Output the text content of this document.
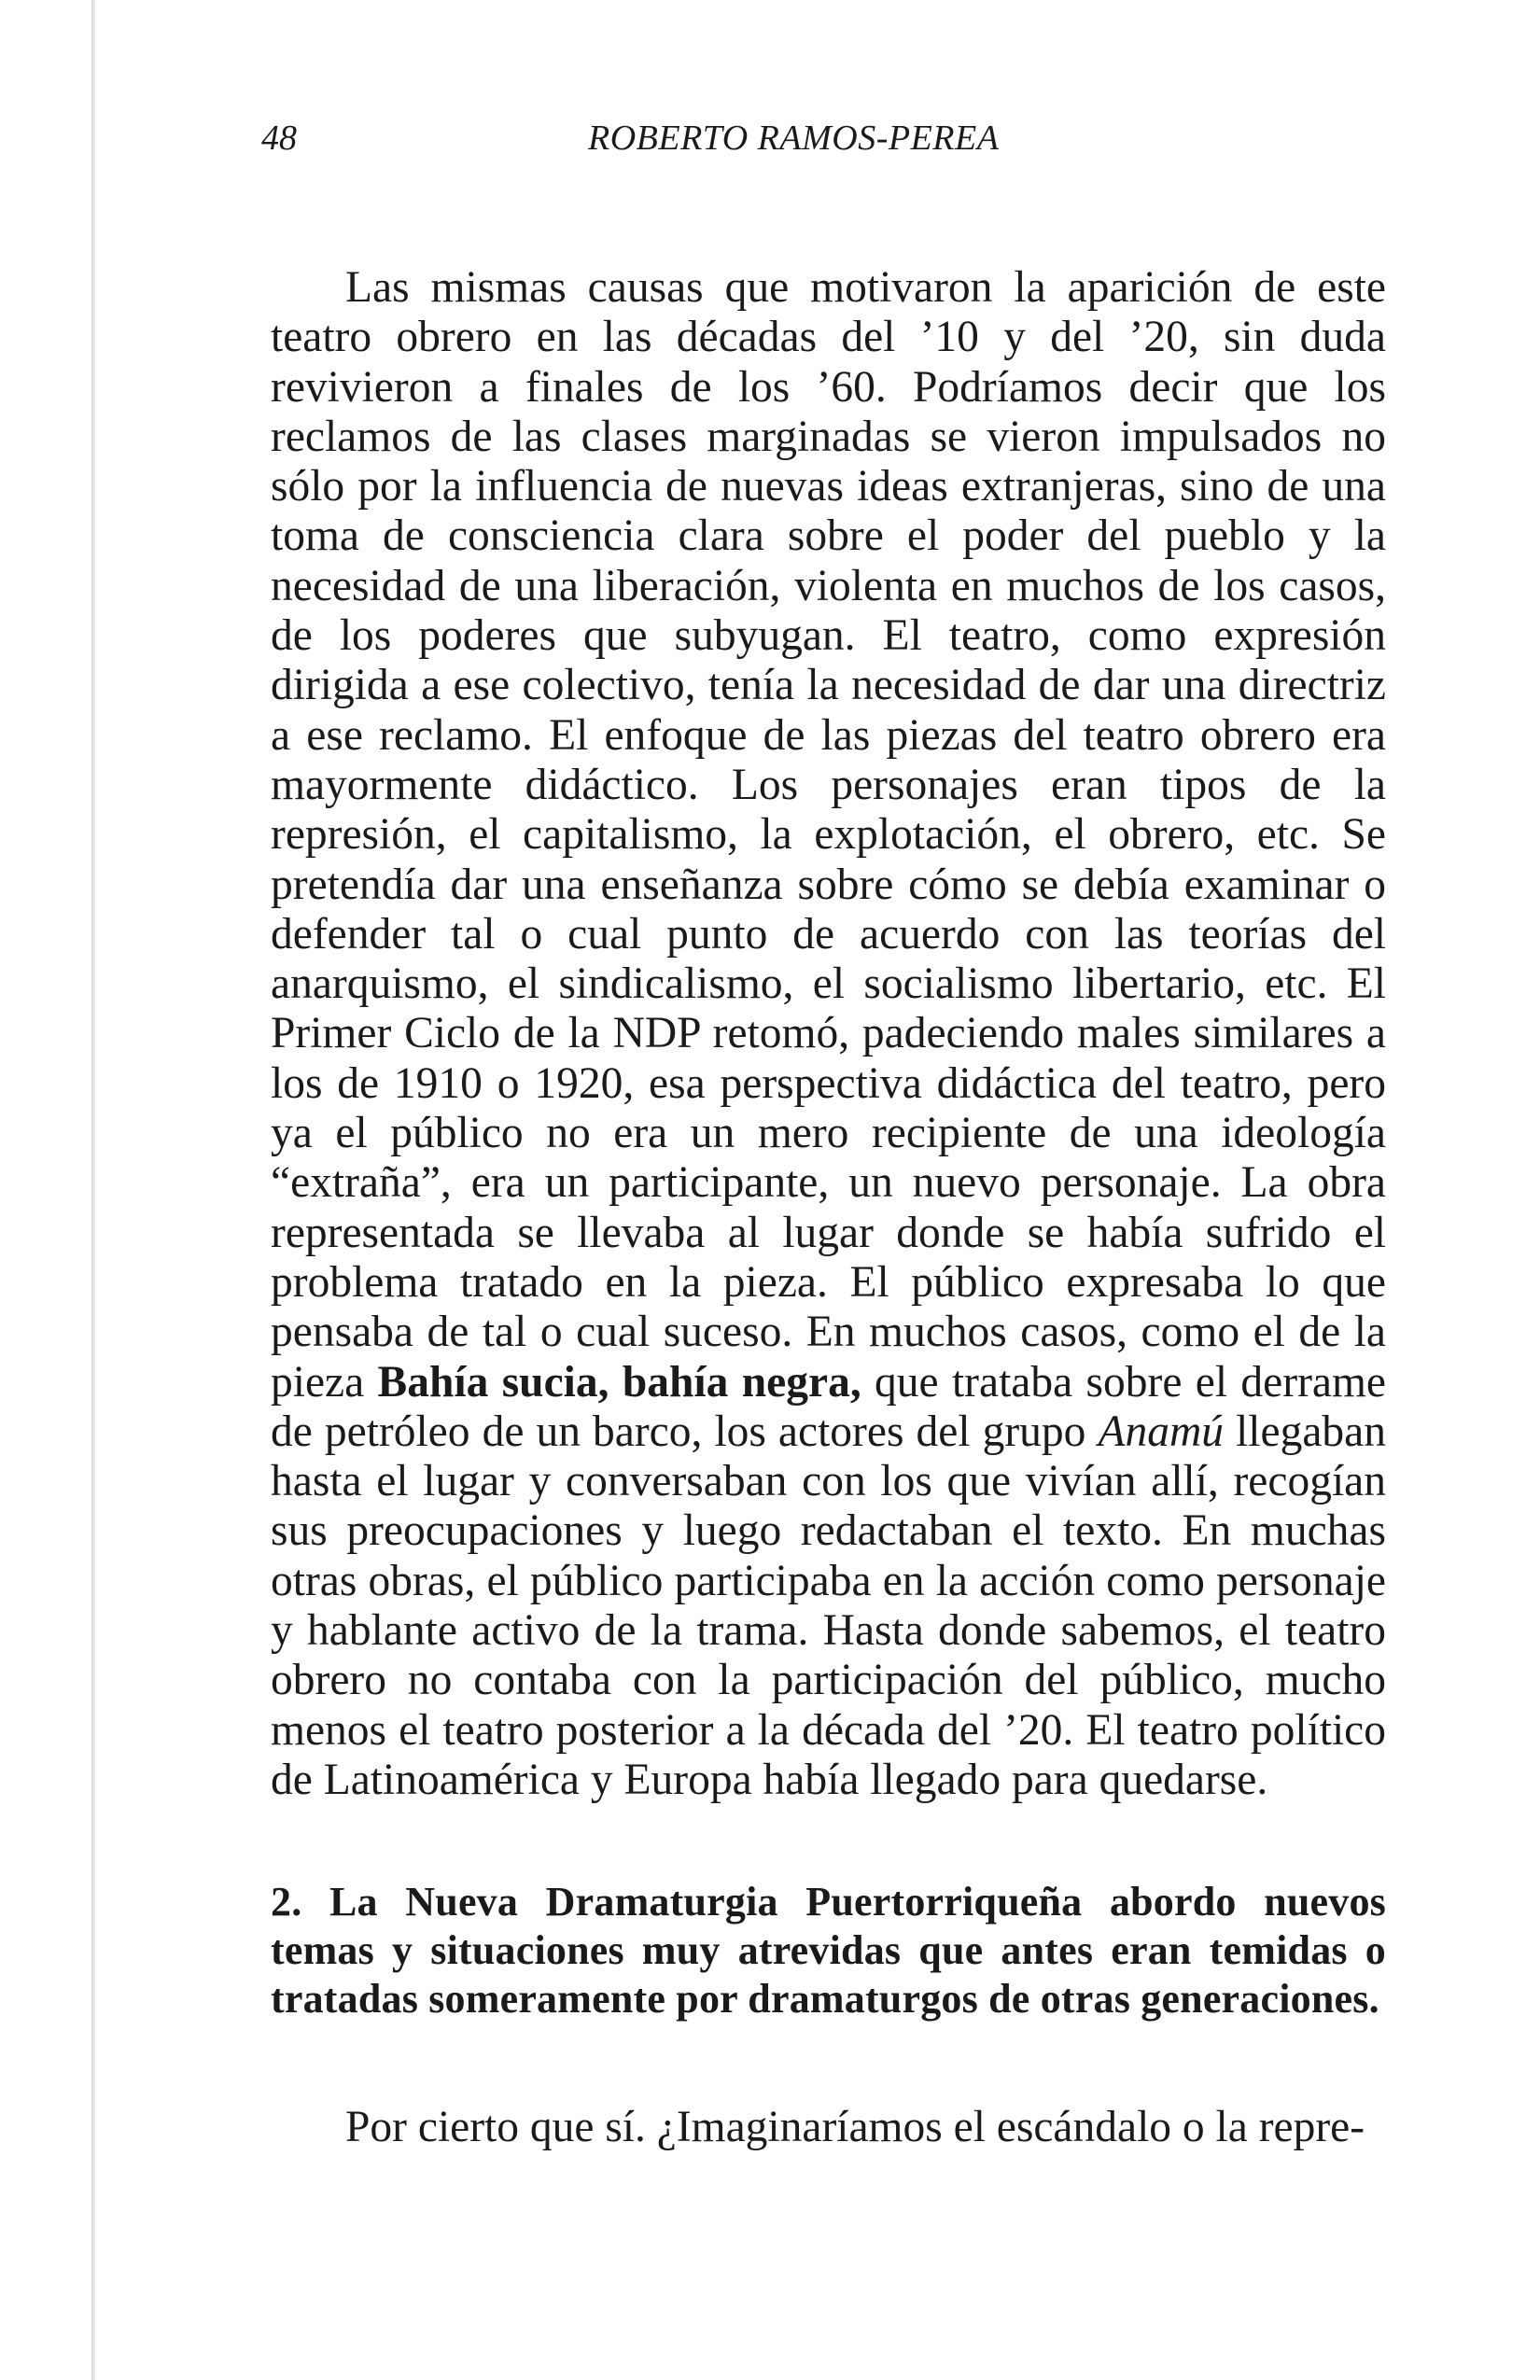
48	ROBERTO RAMOS-PEREA

Las mismas causas que motivaron la aparición de este teatro obrero en las décadas del ’10 y del ’20, sin duda revivieron a finales de los ’60. Podríamos decir que los reclamos de las clases marginadas se vieron impulsados no sólo por la influencia de nuevas ideas extranjeras, sino de una toma de consciencia clara sobre el poder del pueblo y la necesidad de una liberación, violenta en muchos de los casos, de los poderes que subyugan. El teatro, como expresión dirigida a ese colectivo, tenía la necesidad de dar una directriz a ese reclamo. El enfoque de las piezas del teatro obrero era mayormente didáctico. Los personajes eran tipos de la represión, el capitalismo, la explotación, el obrero, etc. Se pretendía dar una enseñanza sobre cómo se debía examinar o defender tal o cual punto de acuerdo con las teorías del anarquismo, el sindicalismo, el socialismo libertario, etc. El Primer Ciclo de la NDP retomó, padeciendo males similares a los de 1910 o 1920, esa perspectiva didáctica del teatro, pero ya el público no era un mero recipiente de una ideología “extraña”, era un participante, un nuevo personaje. La obra representada se llevaba al lugar donde se había sufrido el problema tratado en la pieza. El público expresaba lo que pensaba de tal o cual suceso. En muchos casos, como el de la pieza Bahía sucia, bahía negra, que trataba sobre el derrame de petróleo de un barco, los actores del grupo Anamú llegaban hasta el lugar y conversaban con los que vivían allí, recogían sus preocupaciones y luego redactaban el texto. En muchas otras obras, el público participaba en la acción como personaje y hablante activo de la trama. Hasta donde sabemos, el teatro obrero no contaba con la participación del público, mucho menos el teatro posterior a la década del ’20. El teatro político de Latinoamérica y Europa había llegado para quedarse.

2. La Nueva Dramaturgia Puertorriqueña abordo nuevos temas y situaciones muy atrevidas que antes eran temidas o tratadas someramente por dramaturgos de otras generaciones.

Por cierto que sí. ¿Imaginaríamos el escándalo o la repre-
